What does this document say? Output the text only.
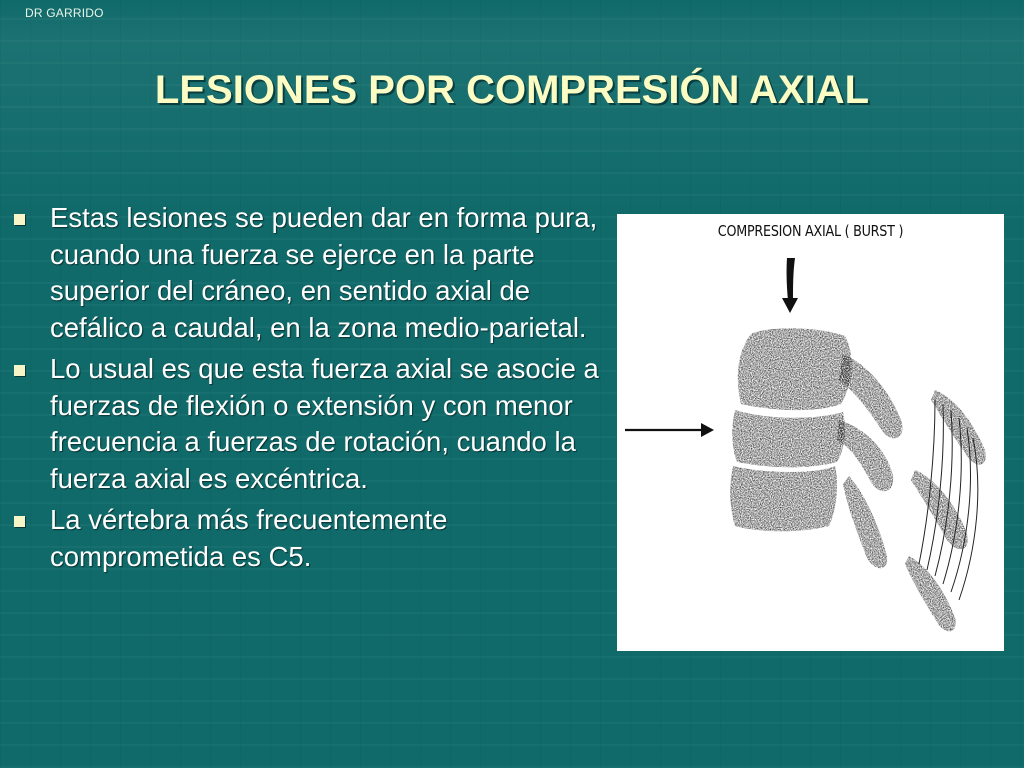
DR GARRIDO
LESIONES POR COMPRESIÓN AXIAL
Estas lesiones se pueden dar en forma pura, cuando una fuerza se ejerce en la parte superior del cráneo, en sentido axial de cefálico a caudal, en la zona medio-parietal.
Lo usual es que esta fuerza axial se asocie a fuerzas de flexión o extensión y con menor frecuencia a fuerzas de rotación, cuando la fuerza axial es excéntrica.
La vértebra más frecuentemente comprometida es C5.
COMPRESION AXIAL ( BURST )
